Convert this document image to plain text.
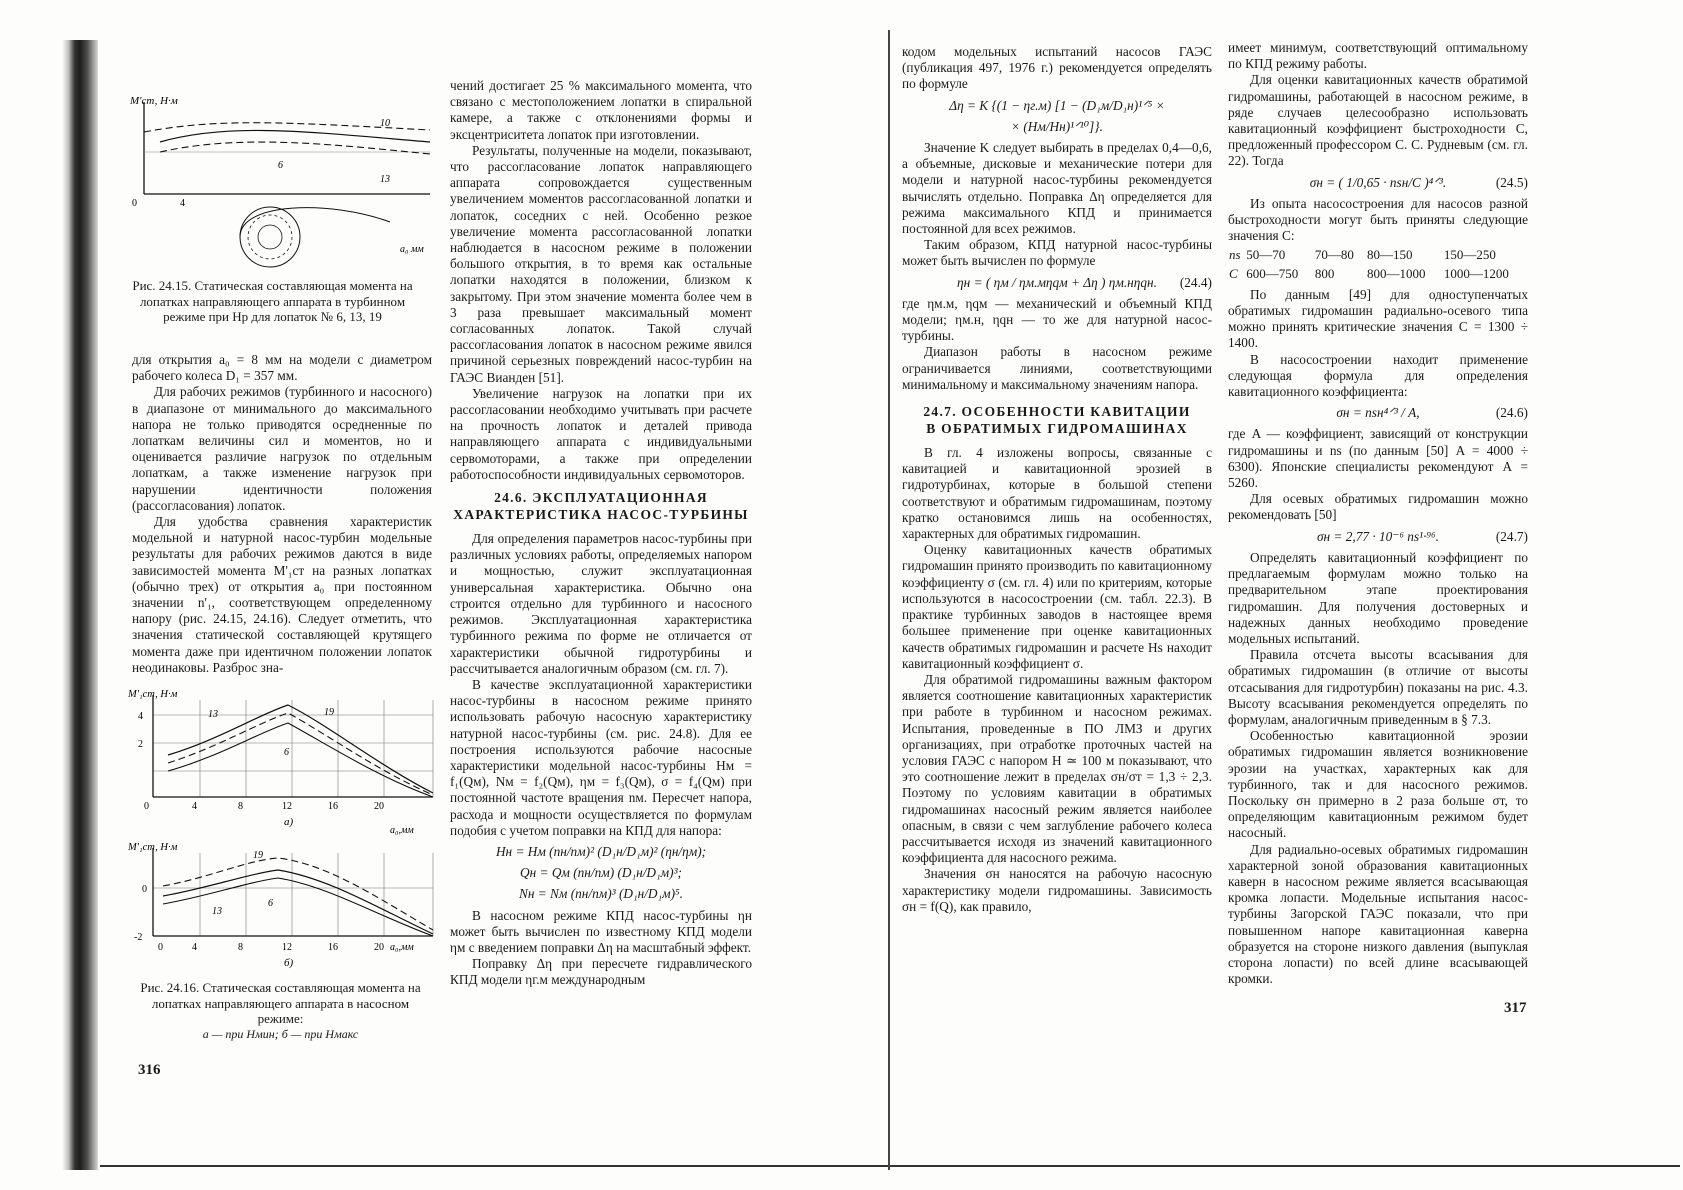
M'ст, Н·м
10
6
13
0	4
a₀ мм
Рис. 24.15. Статическая составляющая момента на лопатках направляющего аппарата в турбинном режиме при Hр для лопаток № 6, 13, 19

для открытия a₀ = 8 мм на модели с диаметром рабочего колеса D₁ = 357 мм.

Для рабочих режимов (турбинного и насосного) в диапазоне от минимального до максимального напора не только приводятся осредненные по лопаткам величины сил и моментов, но и оценивается различие нагрузок по отдельным лопаткам, а также изменение нагрузок при нарушении идентичности положения (рассогласования) лопаток.

Для удобства сравнения характеристик модельной и натурной насос-турбин модельные результаты для рабочих режимов даются в виде зависимостей момента M'₁ст на разных лопатках (обычно трех) от открытия a₀ при постоянном значении n'₁, соответствующем определенному напору (рис. 24.15, 24.16). Следует отметить, что значения статической составляющей крутящего момента даже при идентичном положении лопаток неодинаковы. Разброс зна-

M'₁ст, Н·м
13	19
6
4
2
0	4	8	12	16	20
а)
a₀,мм
M'₁ст, Н·м
19
13
6
0
-2
0	4	8	12	16	20 a₀,мм
б)
Рис. 24.16. Статическая составляющая момента на лопатках направляющего аппарата в насосном режиме:
а — при Hмин; б — при Hмакс
316

чений достигает 25 % максимального момента, что связано с местоположением лопатки в спиральной камере, а также с отклонениями формы и эксцентриситета лопаток при изготовлении.

Результаты, полученные на модели, показывают, что рассогласование лопаток направляющего аппарата сопровождается существенным увеличением моментов рассогласованной лопатки и лопаток, соседних с ней. Особенно резкое увеличение момента рассогласованной лопатки наблюдается в насосном режиме в положении большого открытия, в то время как остальные лопатки находятся в положении, близком к закрытому. При этом значение момента более чем в 3 раза превышает максимальный момент согласованных лопаток. Такой случай рассогласования лопаток в насосном режиме явился причиной серьезных повреждений насос-турбин на ГАЭС Вианден [51].

Увеличение нагрузок на лопатки при их рассогласовании необходимо учитывать при расчете на прочность лопаток и деталей привода направляющего аппарата с индивидуальными сервомоторами, а также при определении работоспособности индивидуальных сервомоторов.

24.6. ЭКСПЛУАТАЦИОННАЯ
ХАРАКТЕРИСТИКА НАСОС-ТУРБИНЫ

Для определения параметров насос-турбины при различных условиях работы, определяемых напором и мощностью, служит эксплуатационная универсальная характеристика. Обычно она строится отдельно для турбинного и насосного режимов. Эксплуатационная характеристика турбинного режима по форме не отличается от характеристики обычной гидротурбины и рассчитывается аналогичным образом (см. гл. 7).

В качестве эксплуатационной характеристики насос-турбины в насосном режиме принято использовать рабочую насосную характеристику натурной насос-турбины (см. рис. 24.8). Для ее построения используются рабочие насосные характеристики модельной насос-турбины Hм = f₁(Qм), Nм = f₂(Qм), ηм = f₃(Qм), σ = f₄(Qм) при постоянной частоте вращения nм. Пересчет напора, расхода и мощности осуществляется по формулам подобия с учетом поправки на КПД для напора:

Hн = Hм (nн/nм)² (D₁н/D₁м)² (ηн/ηм);
Qн = Qм (nн/nм) (D₁н/D₁м)³;
Nн = Nм (nн/nм)³ (D₁н/D₁м)⁵.

В насосном режиме КПД насос-турбины ηн может быть вычислен по известному КПД модели ηм с введением поправки Δη на масштабный эффект.

Поправку Δη при пересчете гидравлического КПД модели ηг.м международным

кодом модельных испытаний насосов ГАЭС (публикация 497, 1976 г.) рекомендуется определять по формуле

Δη = K {(1 − ηг.м) [1 − (D₁м/D₁н)¹ᐟ⁵ ×
× (Hм/Hн)¹ᐟ¹⁰]}.

Значение K следует выбирать в пределах 0,4—0,6, а объемные, дисковые и механические потери для модели и натурной насос-турбины рекомендуется вычислять отдельно. Поправка Δη определяется для режима максимального КПД и принимается постоянной для всех режимов.

Таким образом, КПД натурной насос-турбины может быть вычислен по формуле

ηн = ( ηм / ηм.мηqм + Δη ) ηм.нηqн. (24.4)

где ηм.м, ηqм — механический и объемный КПД модели; ηм.н, ηqн — то же для натурной насос-турбины.

Диапазон работы в насосном режиме ограничивается линиями, соответствующими минимальному и максимальному значениям напора.

24.7. ОСОБЕННОСТИ КАВИТАЦИИ
В ОБРАТИМЫХ ГИДРОМАШИНАХ

В гл. 4 изложены вопросы, связанные с кавитацией и кавитационной эрозией в гидротурбинах, которые в большой степени соответствуют и обратимым гидромашинам, поэтому кратко остановимся лишь на особенностях, характерных для обратимых гидромашин.

Оценку кавитационных качеств обратимых гидромашин принято производить по кавитационному коэффициенту σ (см. гл. 4) или по критериям, которые используются в насосостроении (см. табл. 22.3). В практике турбинных заводов в настоящее время большее применение при оценке кавитационных качеств обратимых гидромашин и расчете Hs находит кавитационный коэффициент σ.

Для обратимой гидромашины важным фактором является соотношение кавитационных характеристик при работе в турбинном и насосном режимах. Испытания, проведенные в ПО ЛМЗ и других организациях, при отработке проточных частей на условия ГАЭС с напором H ≃ 100 м показывают, что это соотношение лежит в пределах σн/σт = 1,3 ÷ 2,3. Поэтому по условиям кавитации в обратимых гидромашинах насосный режим является наиболее опасным, в связи с чем заглубление рабочего колеса рассчитывается исходя из значений кавитационного коэффициента для насосного режима.

Значения σн наносятся на рабочую насосную характеристику модели гидромашины. Зависимость σн = f(Q), как правило,

имеет минимум, соответствующий оптимальному по КПД режиму работы.

Для оценки кавитационных качеств обратимой гидромашины, работающей в насосном режиме, в ряде случаев целесообразно использовать кавитационный коэффициент быстроходности C, предложенный профессором С. С. Рудневым (см. гл. 22). Тогда

σн = ( 1/0,65 · nsн/C )⁴ᐟ³.	(24.5)

Из опыта насосостроения для насосов разной быстроходности могут быть приняты следующие значения C:

ns	50—70	70—80	80—150	150—250
C	600—750	800	800—1000	1000—1200

По данным [49] для одноступенчатых обратимых гидромашин радиально-осевого типа можно принять критические значения C = 1300 ÷ 1400.

В насосостроении находит применение следующая формула для определения кавитационного коэффициента:

σн = nsн⁴ᐟ³ / A,	(24.6)

где A — коэффициент, зависящий от конструкции гидромашины и ns (по данным [50] A = 4000 ÷ 6300). Японские специалисты рекомендуют A = 5260.

Для осевых обратимых гидромашин можно рекомендовать [50]

σн = 2,77 · 10⁻⁶ ns¹·⁹⁶.	(24.7)

Определять кавитационный коэффициент по предлагаемым формулам можно только на предварительном этапе проектирования гидромашин. Для получения достоверных и надежных данных необходимо проведение модельных испытаний.

Правила отсчета высоты всасывания для обратимых гидромашин (в отличие от высоты отсасывания для гидротурбин) показаны на рис. 4.3. Высоту всасывания рекомендуется определять по формулам, аналогичным приведенным в § 7.3.

Особенностью кавитационной эрозии обратимых гидромашин является возникновение эрозии на участках, характерных как для турбинного, так и для насосного режимов. Поскольку σн примерно в 2 раза больше σт, то определяющим кавитационным режимом будет насосный.

Для радиально-осевых обратимых гидромашин характерной зоной образования кавитационных каверн в насосном режиме является всасывающая кромка лопасти. Модельные испытания насос-турбины Загорской ГАЭС показали, что при повышенном напоре кавитационная каверна образуется на стороне низкого давления (выпуклая сторона лопасти) по всей длине всасывающей кромки.

317
